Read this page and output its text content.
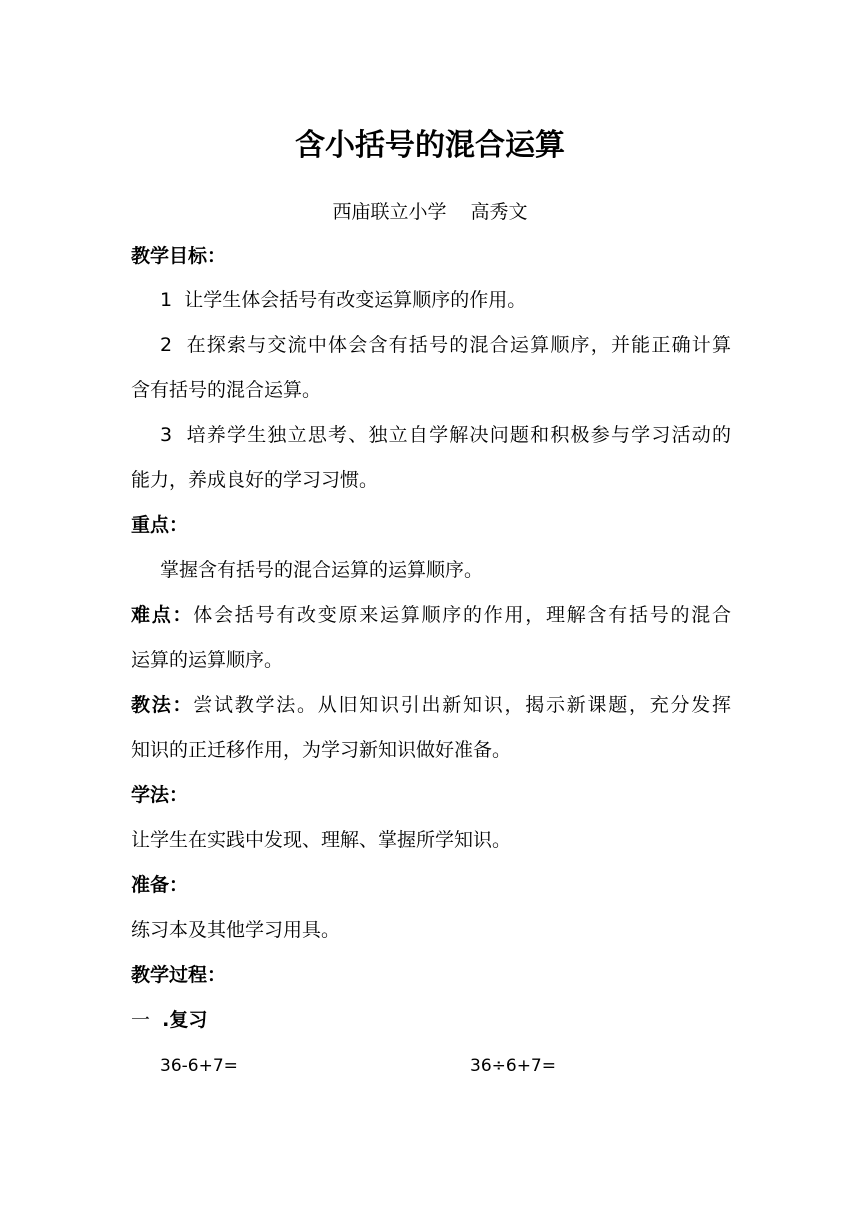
含小括号的混合运算
西庙联立小学 高秀文
教学目标：
1 让学生体会括号有改变运算顺序的作用。
2 在探索与交流中体会含有括号的混合运算顺序，并能正确计算
含有括号的混合运算。
3 培养学生独立思考、独立自学解决问题和积极参与学习活动的
能力，养成良好的学习习惯。
重点：
掌握含有括号的混合运算的运算顺序。
难点：体会括号有改变原来运算顺序的作用，理解含有括号的混合
运算的运算顺序。
教法：尝试教学法。从旧知识引出新知识，揭示新课题，充分发挥
知识的正迁移作用，为学习新知识做好准备。
学法：
让学生在实践中发现、理解、掌握所学知识。
准备：
练习本及其他学习用具。
教学过程：
一 .复习
36-6+7=	36÷6+7=
